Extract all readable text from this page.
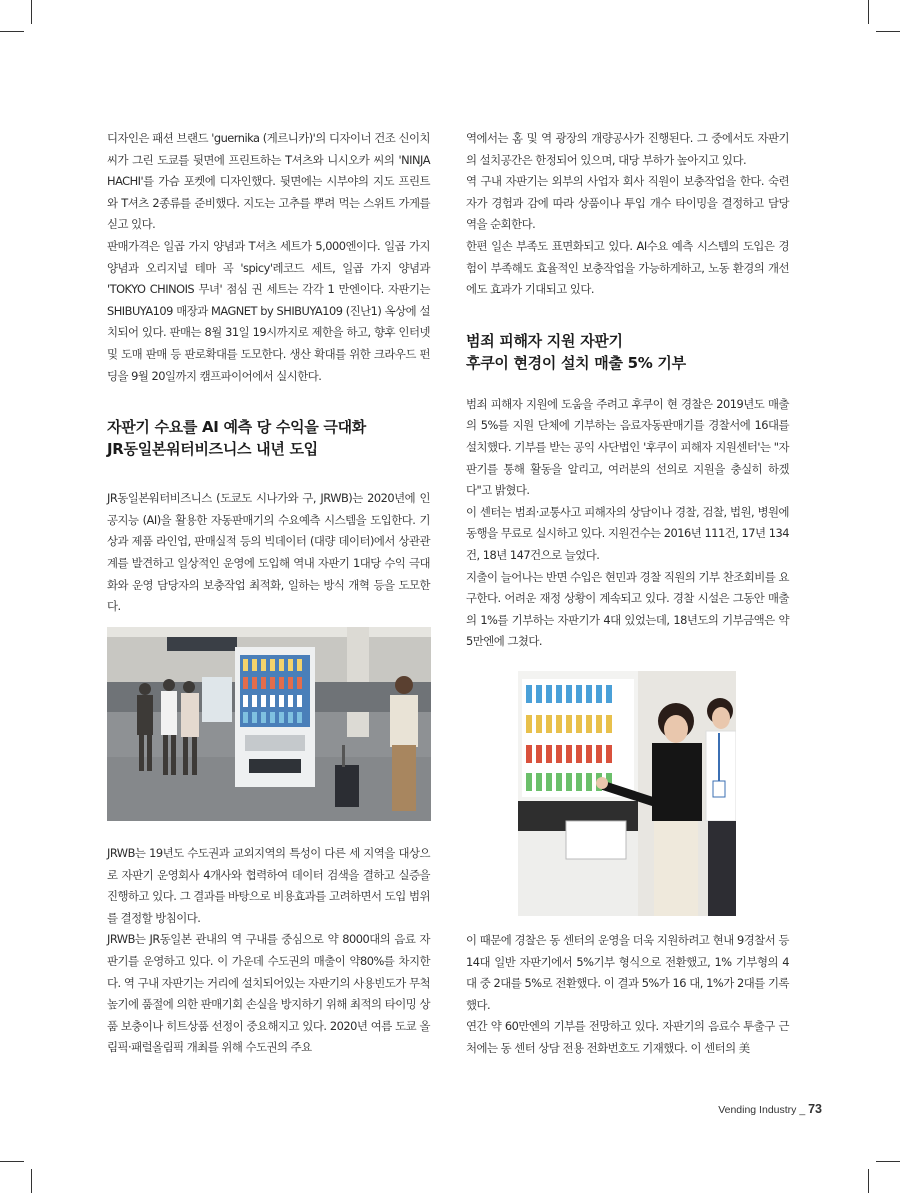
디자인은 패션 브랜드 'guernika (게르니카)'의 디자이너 건조 신이치 씨가 그린 도쿄를 뒷면에 프린트하는 T셔츠와 니시오카 씨의 'NINJA HACHI'를 가슴 포켓에 디자인했다. 뒷면에는 시부야의 지도 프린트와 T셔츠 2종류를 준비했다. 지도는 고추를 뿌려 먹는 스위트 가게를 싣고 있다.

판매가격은 일곱 가지 양념과 T셔츠 세트가 5,000엔이다. 일곱 가지 양념과 오리지널 테마 곡 'spicy'레코드 세트, 일곱 가지 양념과 'TOKYO CHINOIS 무녀' 점심 권 세트는 각각 1 만엔이다. 자판기는 SHIBUYA109 매장과 MAGNET by SHIBUYA109 (진난1) 옥상에 설치되어 있다. 판매는 8월 31일 19시까지로 제한을 하고, 향후 인터넷 및 도매 판매 등 판로확대를 도모한다. 생산 확대를 위한 크라우드 펀딩을 9월 20일까지 캠프파이어에서 실시한다.

자판기 수요를 AI 예측 당 수익을 극대화

JR동일본워터비즈니스 내년 도입

JR동일본워터비즈니스 (도쿄도 시나가와 구, JRWB)는 2020년에 인공지능 (AI)을 활용한 자동판매기의 수요예측 시스템을 도입한다. 기상과 제품 라인업, 판매실적 등의 빅데이터 (대량 데이터)에서 상관관계를 발견하고 일상적인 운영에 도입해 역내 자판기 1대당 수익 극대화와 운영 담당자의 보충작업 최적화, 일하는 방식 개혁 등을 도모한다.

JRWB는 19년도 수도권과 교외지역의 특성이 다른 세 지역을 대상으로 자판기 운영회사 4개사와 협력하여 데이터 검색을 결하고 실증을 진행하고 있다. 그 결과를 바탕으로 비용효과를 고려하면서 도입 범위를 결정할 방침이다.

JRWB는 JR동일본 관내의 역 구내를 중심으로 약 8000대의 음료 자판기를 운영하고 있다. 이 가운데 수도권의 매출이 약80%를 차지한다. 역 구내 자판기는 거리에 설치되어있는 자판기의 사용빈도가 무척 높기에 품절에 의한 판매기회 손실을 방지하기 위해 최적의 타이밍 상품 보충이나 히트상품 선정이 중요해지고 있다. 2020년 여름 도쿄 올림픽·패럴올림픽 개최를 위해 수도권의 주요

역에서는 홈 및 역 광장의 개량공사가 진행된다. 그 중에서도 자판기의 설치공간은 한정되어 있으며, 대당 부하가 높아지고 있다.

역 구내 자판기는 외부의 사업자 회사 직원이 보충작업을 한다. 숙련자가 경험과 감에 따라 상품이나 투입 개수 타이밍을 결정하고 담당 역을 순회한다.

한편 일손 부족도 표면화되고 있다. AI수요 예측 시스템의 도입은 경험이 부족해도 효율적인 보충작업을 가능하게하고, 노동 환경의 개선에도 효과가 기대되고 있다.

범죄 피해자 지원 자판기

후쿠이 현경이 설치 매출 5% 기부

범죄 피해자 지원에 도움을 주려고 후쿠이 현 경찰은 2019년도 매출의 5%를 지원 단체에 기부하는 음료자동판매기를 경찰서에 16대를 설치했다. 기부를 받는 공익 사단법인 '후쿠이 피해자 지원센터'는 "자판기를 통해 활동을 알리고, 여러분의 선의로 지원을 충실히 하겠다"고 밝혔다.

이 센터는 범죄·교통사고 피해자의 상담이나 경찰, 검찰, 법원, 병원에 동행을 무료로 실시하고 있다. 지원건수는 2016년 111건, 17년 134건, 18년 147건으로 늘었다.

지출이 늘어나는 반면 수입은 현민과 경찰 직원의 기부 찬조회비를 요구한다. 어려운 재정 상황이 계속되고 있다. 경찰 시설은 그동안 매출의 1%를 기부하는 자판기가 4대 있었는데, 18년도의 기부금액은 약 5만엔에 그쳤다.

이 때문에 경찰은 동 센터의 운영을 더욱 지원하려고 현내 9경찰서 등 14대 일반 자판기에서 5%기부 형식으로 전환했고, 1% 기부형의 4대 중 2대를 5%로 전환했다. 이 결과 5%가 16 대, 1%가 2대를 기록했다.

연간 약 60만엔의 기부를 전망하고 있다. 자판기의 음료수 투출구 근처에는 동 센터 상담 전용 전화번호도 기재했다. 이 센터의 美

Vending Industry _ 73
